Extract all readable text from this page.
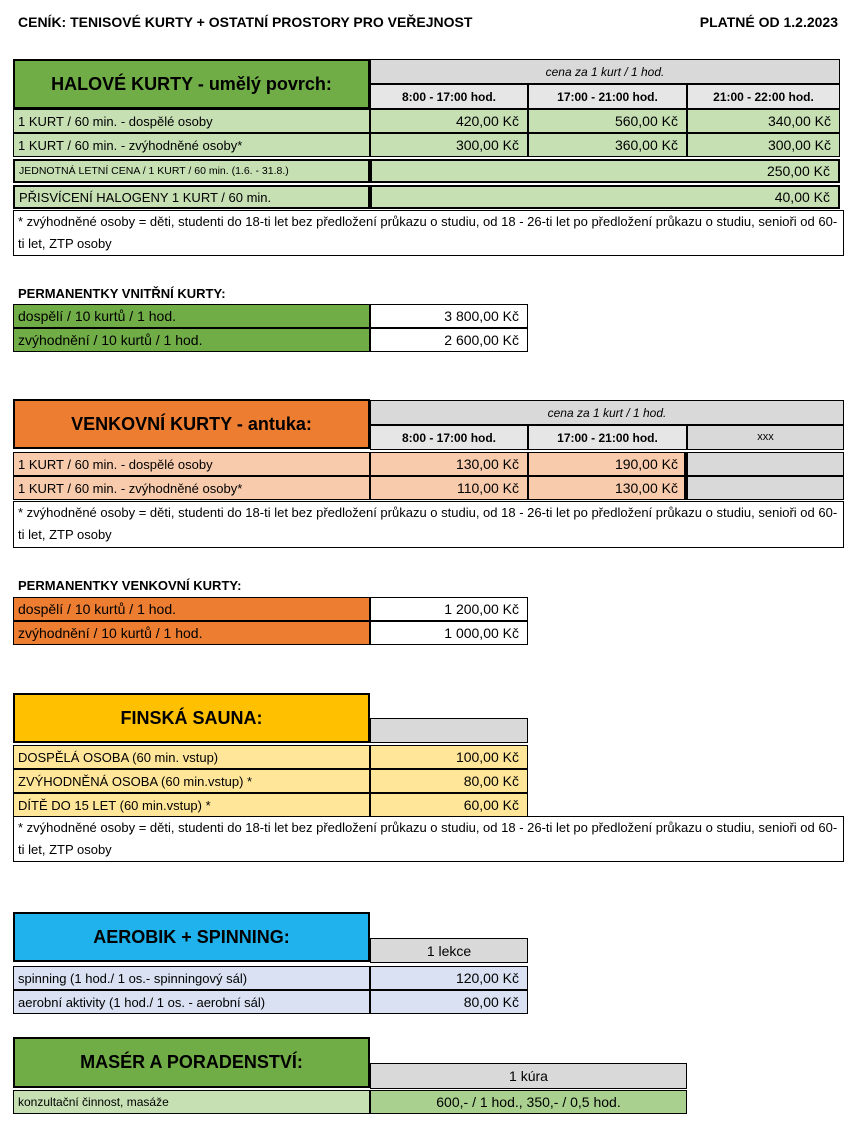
CENÍK: TENISOVÉ KURTY + OSTATNÍ PROSTORY PRO VEŘEJNOST	PLATNÉ OD 1.2.2023
HALOVÉ KURTY - umělý povrch:
cena za 1 kurt / 1 hod.
8:00 - 17:00 hod.	17:00 - 21:00 hod.	21:00 - 22:00 hod.
1 KURT / 60 min. - dospělé osoby	420,00 Kč	560,00 Kč	340,00 Kč
1 KURT / 60 min. - zvýhodněné osoby*	300,00 Kč	360,00 Kč	300,00 Kč
JEDNOTNÁ LETNÍ CENA / 1 KURT / 60 min. (1.6. - 31.8.)	250,00 Kč
PŘISVÍCENÍ HALOGENY 1 KURT / 60 min.	40,00 Kč
* zvýhodněné osoby = děti, studenti do 18-ti let bez předložení průkazu o studiu, od 18 - 26-ti let po předložení průkazu o studiu, senioři od 60-ti let, ZTP osoby
PERMANENTKY VNITŘNÍ KURTY:
dospělí / 10 kurtů / 1 hod.	3 800,00 Kč
zvýhodnění / 10 kurtů / 1 hod.	2 600,00 Kč
VENKOVNÍ KURTY - antuka:
cena za 1 kurt / 1 hod.
8:00 - 17:00 hod.	17:00 - 21:00 hod.	xxx
1 KURT / 60 min. - dospělé osoby	130,00 Kč	190,00 Kč
1 KURT / 60 min. - zvýhodněné osoby*	110,00 Kč	130,00 Kč
* zvýhodněné osoby = děti, studenti do 18-ti let bez předložení průkazu o studiu, od 18 - 26-ti let po předložení průkazu o studiu, senioři od 60-ti let, ZTP osoby
PERMANENTKY VENKOVNÍ KURTY:
dospělí / 10 kurtů / 1 hod.	1 200,00 Kč
zvýhodnění / 10 kurtů / 1 hod.	1 000,00 Kč
FINSKÁ SAUNA:
DOSPĚLÁ OSOBA (60 min. vstup)	100,00 Kč
ZVÝHODNĚNÁ OSOBA (60 min.vstup) *	80,00 Kč
DÍTĚ DO 15 LET (60 min.vstup) *	60,00 Kč
* zvýhodněné osoby = děti, studenti do 18-ti let bez předložení průkazu o studiu, od 18 - 26-ti let po předložení průkazu o studiu, senioři od 60-ti let, ZTP osoby
AEROBIK + SPINNING:
1 lekce
spinning (1 hod./ 1 os.- spinningový sál)	120,00 Kč
aerobní aktivity (1 hod./ 1 os. - aerobní sál)	80,00 Kč
MASÉR A PORADENSTVÍ:
1 kúra
konzultační činnost, masáže	600,- / 1 hod., 350,- / 0,5 hod.
